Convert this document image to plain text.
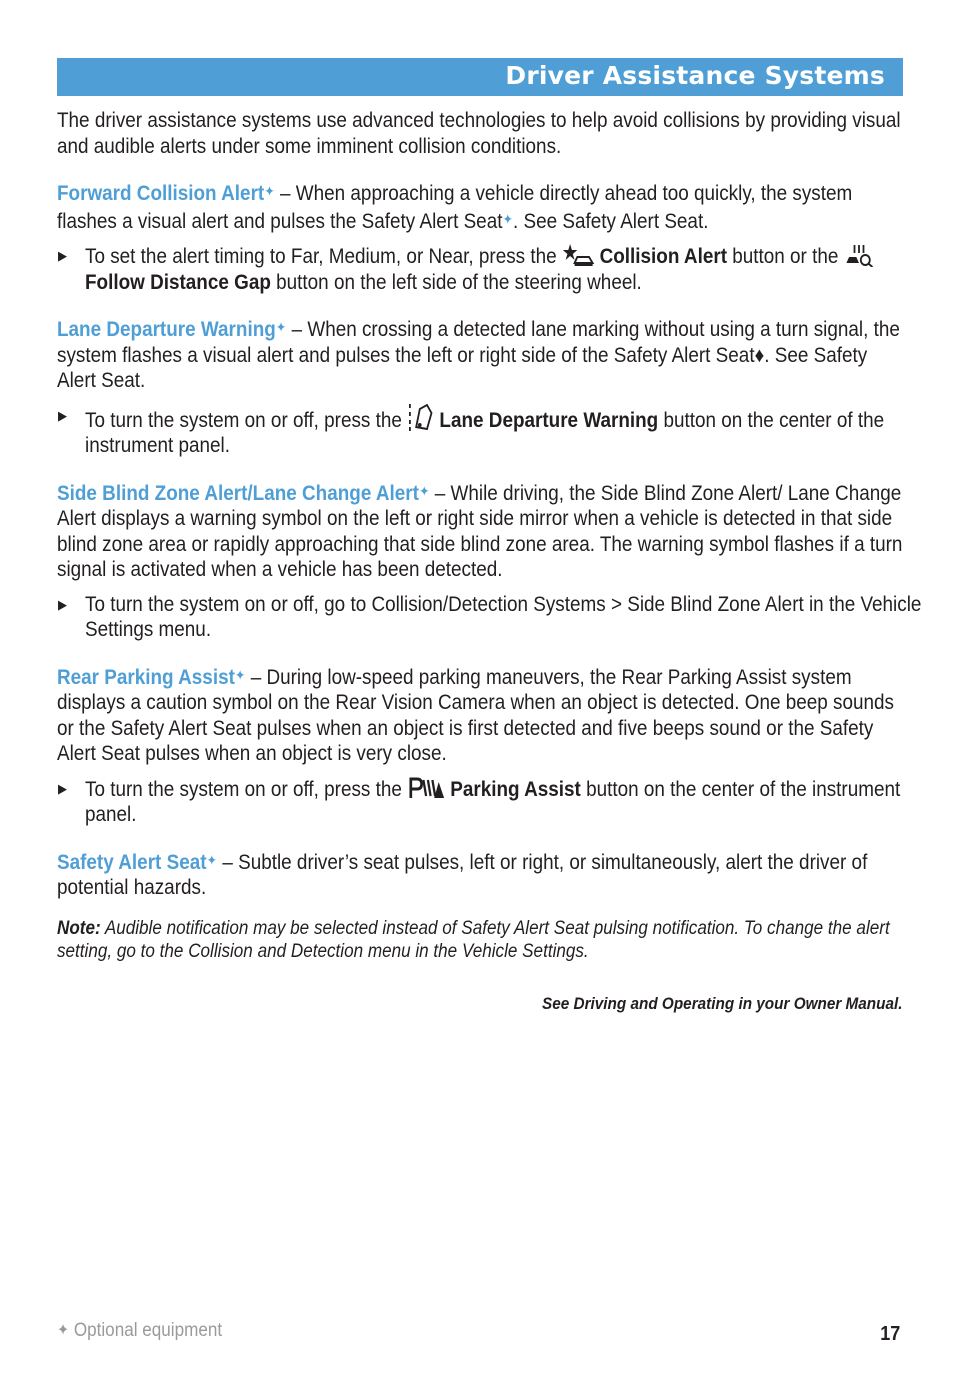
Driver Assistance Systems

The driver assistance systems use advanced technologies to help avoid collisions by providing visual and audible alerts under some imminent collision conditions.

Forward Collision Alert✦ – When approaching a vehicle directly ahead too quickly, the system flashes a visual alert and pulses the Safety Alert Seat✦. See Safety Alert Seat.

▶ To set the alert timing to Far, Medium, or Near, press the  Collision Alert button or the  Follow Distance Gap button on the left side of the steering wheel.

Lane Departure Warning✦ – When crossing a detected lane marking without using a turn signal, the system flashes a visual alert and pulses the left or right side of the Safety Alert Seat♦. See Safety Alert Seat.

▶ To turn the system on or off, press the  Lane Departure Warning button on the center of the instrument panel.

Side Blind Zone Alert/Lane Change Alert✦ – While driving, the Side Blind Zone Alert/ Lane Change Alert displays a warning symbol on the left or right side mirror when a vehicle is detected in that side blind zone area or rapidly approaching that side blind zone area. The warning symbol flashes if a turn signal is activated when a vehicle has been detected.

▶ To turn the system on or off, go to Collision/Detection Systems > Side Blind Zone Alert in the Vehicle Settings menu.

Rear Parking Assist✦ – During low-speed parking maneuvers, the Rear Parking Assist system displays a caution symbol on the Rear Vision Camera when an object is detected. One beep sounds or the Safety Alert Seat pulses when an object is first detected and five beeps sound or the Safety Alert Seat pulses when an object is very close.

▶ To turn the system on or off, press the  Parking Assist button on the center of the instrument panel.

Safety Alert Seat✦ – Subtle driver’s seat pulses, left or right, or simultaneously, alert the driver of potential hazards.

Note: Audible notification may be selected instead of Safety Alert Seat pulsing notification. To change the alert setting, go to the Collision and Detection menu in the Vehicle Settings.

See Driving and Operating in your Owner Manual.
✦ Optional equipment	17
